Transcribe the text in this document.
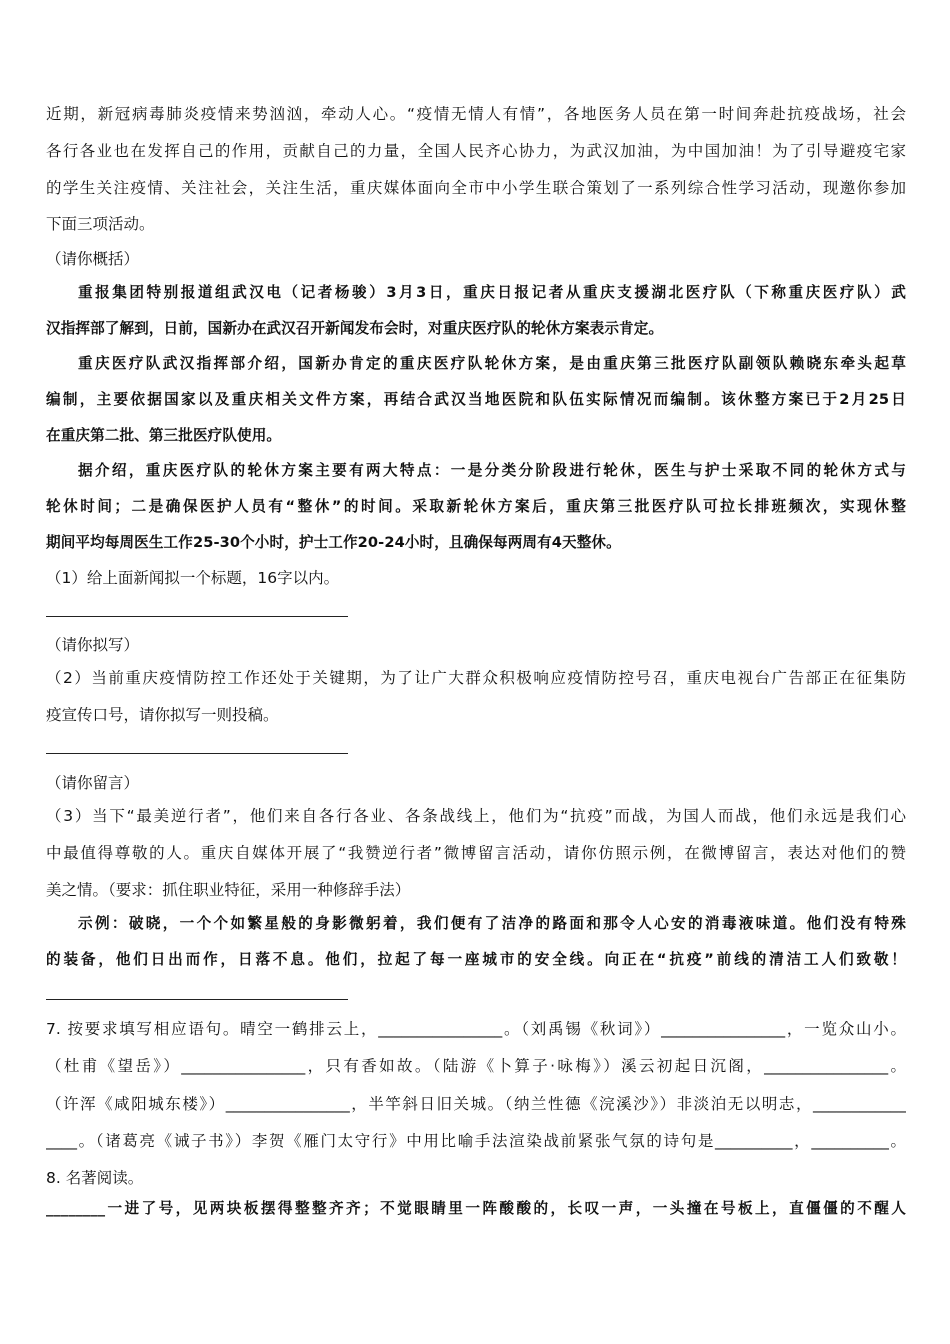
近期，新冠病毒肺炎疫情来势汹汹，牵动人心。“疫情无情人有情”，各地医务人员在第一时间奔赴抗疫战场，社会
各行各业也在发挥自己的作用，贡献自己的力量，全国人民齐心协力，为武汉加油，为中国加油！为了引导避疫宅家
的学生关注疫情、关注社会，关注生活，重庆媒体面向全市中小学生联合策划了一系列综合性学习活动，现邀你参加
下面三项活动。
（请你概括）
重报集团特别报道组武汉电（记者杨骏）3月3日，重庆日报记者从重庆支援湖北医疗队（下称重庆医疗队）武
汉指挥部了解到，日前，国新办在武汉召开新闻发布会时，对重庆医疗队的轮休方案表示肯定。
重庆医疗队武汉指挥部介绍，国新办肯定的重庆医疗队轮休方案，是由重庆第三批医疗队副领队赖晓东牵头起草
编制，主要依据国家以及重庆相关文件方案，再结合武汉当地医院和队伍实际情况而编制。该休整方案已于2月25日
在重庆第二批、第三批医疗队使用。
据介绍，重庆医疗队的轮休方案主要有两大特点：一是分类分阶段进行轮休，医生与护士采取不同的轮休方式与
轮休时间；二是确保医护人员有“整休”的时间。采取新轮休方案后，重庆第三批医疗队可拉长排班频次，实现休整
期间平均每周医生工作25-30个小时，护士工作20-24小时，且确保每两周有4天整休。
（1）给上面新闻拟一个标题，16字以内。
（请你拟写）
（2）当前重庆疫情防控工作还处于关键期，为了让广大群众积极响应疫情防控号召，重庆电视台广告部正在征集防
疫宣传口号，请你拟写一则投稿。
（请你留言）
（3）当下“最美逆行者”，他们来自各行各业、各条战线上，他们为“抗疫”而战，为国人而战，他们永远是我们心
中最值得尊敬的人。重庆自媒体开展了“我赞逆行者”微博留言活动，请你仿照示例，在微博留言，表达对他们的赞
美之情。（要求：抓住职业特征，采用一种修辞手法）
示例：破晓，一个个如繁星般的身影微躬着，我们便有了洁净的路面和那令人心安的消毒液味道。他们没有特殊
的装备，他们日出而作，日落不息。他们，拉起了每一座城市的安全线。向正在“抗疫”前线的清洁工人们致敬！
7. 按要求填写相应语句。晴空一鹤排云上，________________。（刘禹锡《秋词》）________________，一览众山小。
（杜甫《望岳》）________________，只有香如故。（陆游《卜算子·咏梅》）溪云初起日沉阁，________________。
（许浑《咸阳城东楼》）________________，半竿斜日旧关城。（纳兰性德《浣溪沙》）非淡泊无以明志，____________
____。（诸葛亮《诫子书》）李贺《雁门太守行》中用比喻手法渲染战前紧张气氛的诗句是__________，__________。
8. 名著阅读。
________一进了号，见两块板摆得整整齐齐；不觉眼睛里一阵酸酸的，长叹一声，一头撞在号板上，直僵僵的不醒人
